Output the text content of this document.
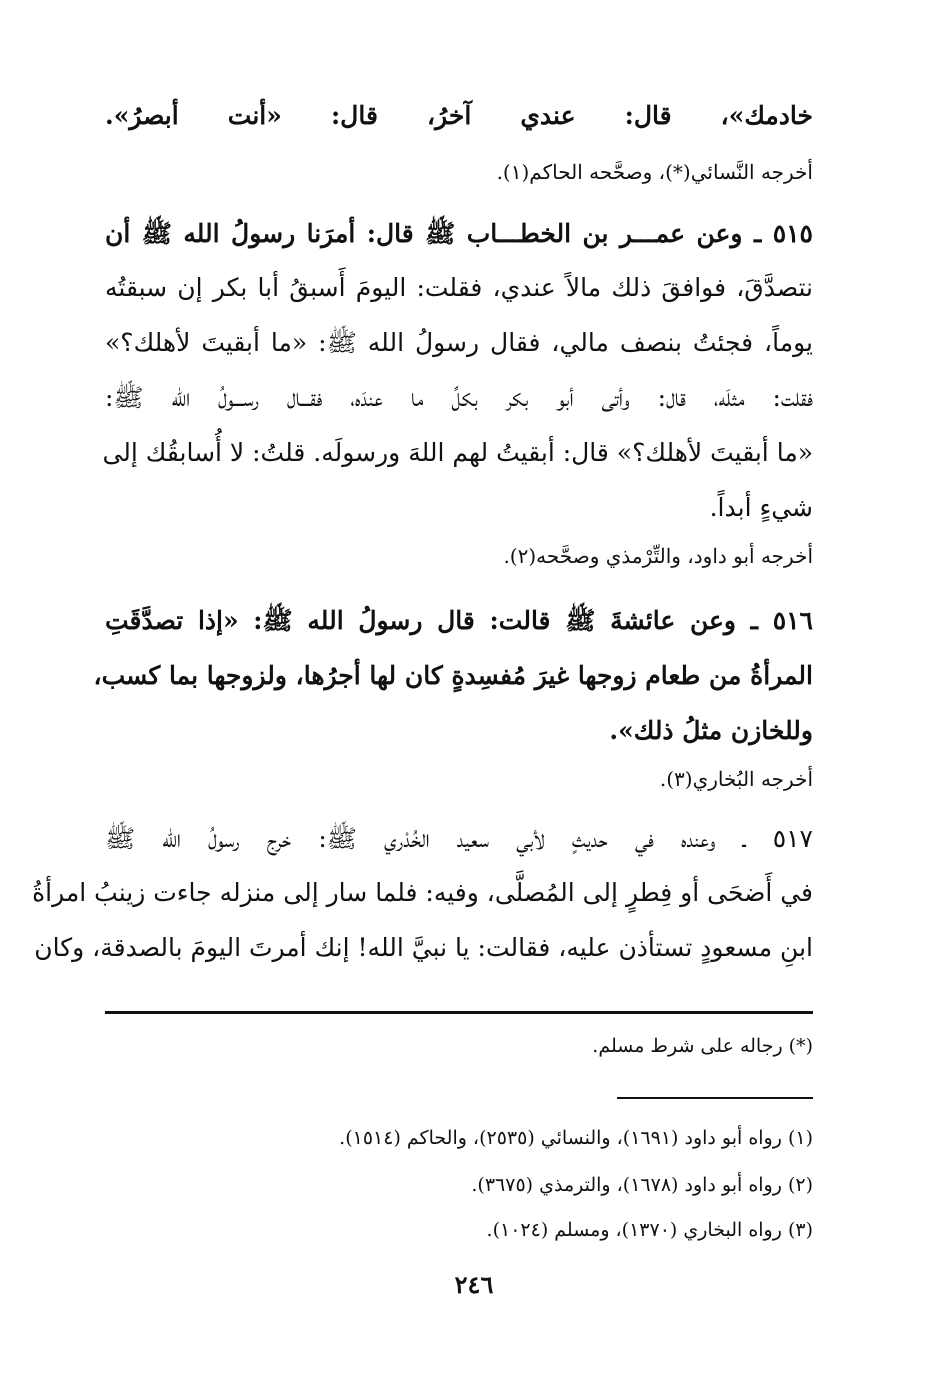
خادمك»، قال: عندي آخرُ، قال: «أنت أبصرُ».
أخرجه النَّسائي(*)، وصحَّحه الحاكم(١).
٥١٥ ـ وعن عمـــر بن الخطـــاب ﷺ قال: أمرَنا رسولُ الله ﷺ أن
نتصدَّقَ، فوافقَ ذلك مالاً عندي، فقلت: اليومَ أَسبقُ أبا بكر إن سبقتُه
يوماً، فجئتُ بنصف مالي، فقال رسولُ الله ﷺ: «ما أبقيتَ لأهلك؟»
فقلت: مثلَه، قال: وأتى أبو بكر بكلِّ ما عندَه، فقـــال رســـولُ الله ﷺ:
«ما أبقيتَ لأهلك؟» قال: أبقيتُ لهم اللهَ ورسولَه. قلتُ: لا أُسابقُك إلى
شيءٍ أبداً.
أخرجه أبو داود، والتِّرْمذي وصحَّحه(٢).
٥١٦ ـ وعن عائشةَ ﷺ قالت: قال رسولُ الله ﷺ: «إذا تصدَّقَتِ
المرأةُ من طعام زوجها غيرَ مُفسِدةٍ كان لها أجرُها، ولزوجها بما كسب،
وللخازن مثلُ ذلك».
أخرجه البُخاري(٣).
٥١٧ ـ وعنده في حديثٍ لأبي سعيد الخُدْري ﷺ: خرج رسولُ الله ﷺ
في أَضحَى أو فِطرٍ إلى المُصلَّى، وفيه: فلما سار إلى منزله جاءت زينبُ امرأةُ
ابنِ مسعودٍ تستأذن عليه، فقالت: يا نبيَّ الله! إنك أمرتَ اليومَ بالصدقة، وكان
(*) رجاله على شرط مسلم.
(١) رواه أبو داود (١٦٩١)، والنسائي (٢٥٣٥)، والحاكم (١٥١٤).
(٢) رواه أبو داود (١٦٧٨)، والترمذي (٣٦٧٥).
(٣) رواه البخاري (١٣٧٠)، ومسلم (١٠٢٤).
٢٤٦
